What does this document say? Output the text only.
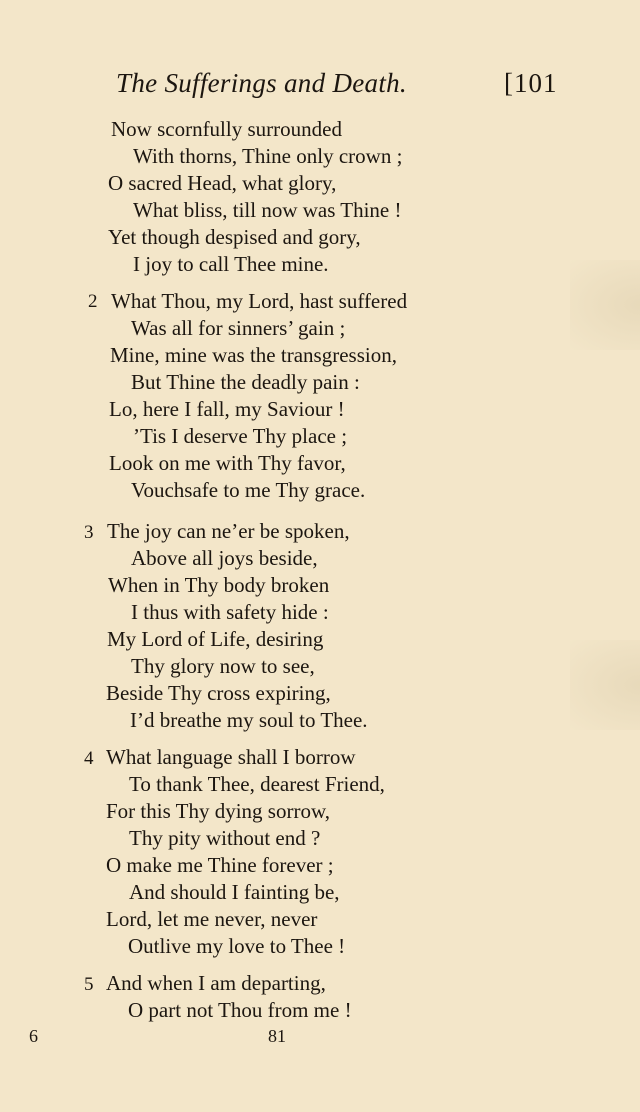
The Sufferings and Death.	[101
Now scornfully surrounded
With thorns, Thine only crown ;
O sacred Head, what glory,
What bliss, till now was Thine !
Yet though despised and gory,
I joy to call Thee mine.
2 What Thou, my Lord, hast suffered
Was all for sinners’ gain ;
Mine, mine was the transgression,
But Thine the deadly pain :
Lo, here I fall, my Saviour !
’Tis I deserve Thy place ;
Look on me with Thy favor,
Vouchsafe to me Thy grace.
3 The joy can ne’er be spoken,
Above all joys beside,
When in Thy body broken
I thus with safety hide :
My Lord of Life, desiring
Thy glory now to see,
Beside Thy cross expiring,
I’d breathe my soul to Thee.
4 What language shall I borrow
To thank Thee, dearest Friend,
For this Thy dying sorrow,
Thy pity without end ?
O make me Thine forever ;
And should I fainting be,
Lord, let me never, never
Outlive my love to Thee !
5 And when I am departing,
O part not Thou from me !
6	81
